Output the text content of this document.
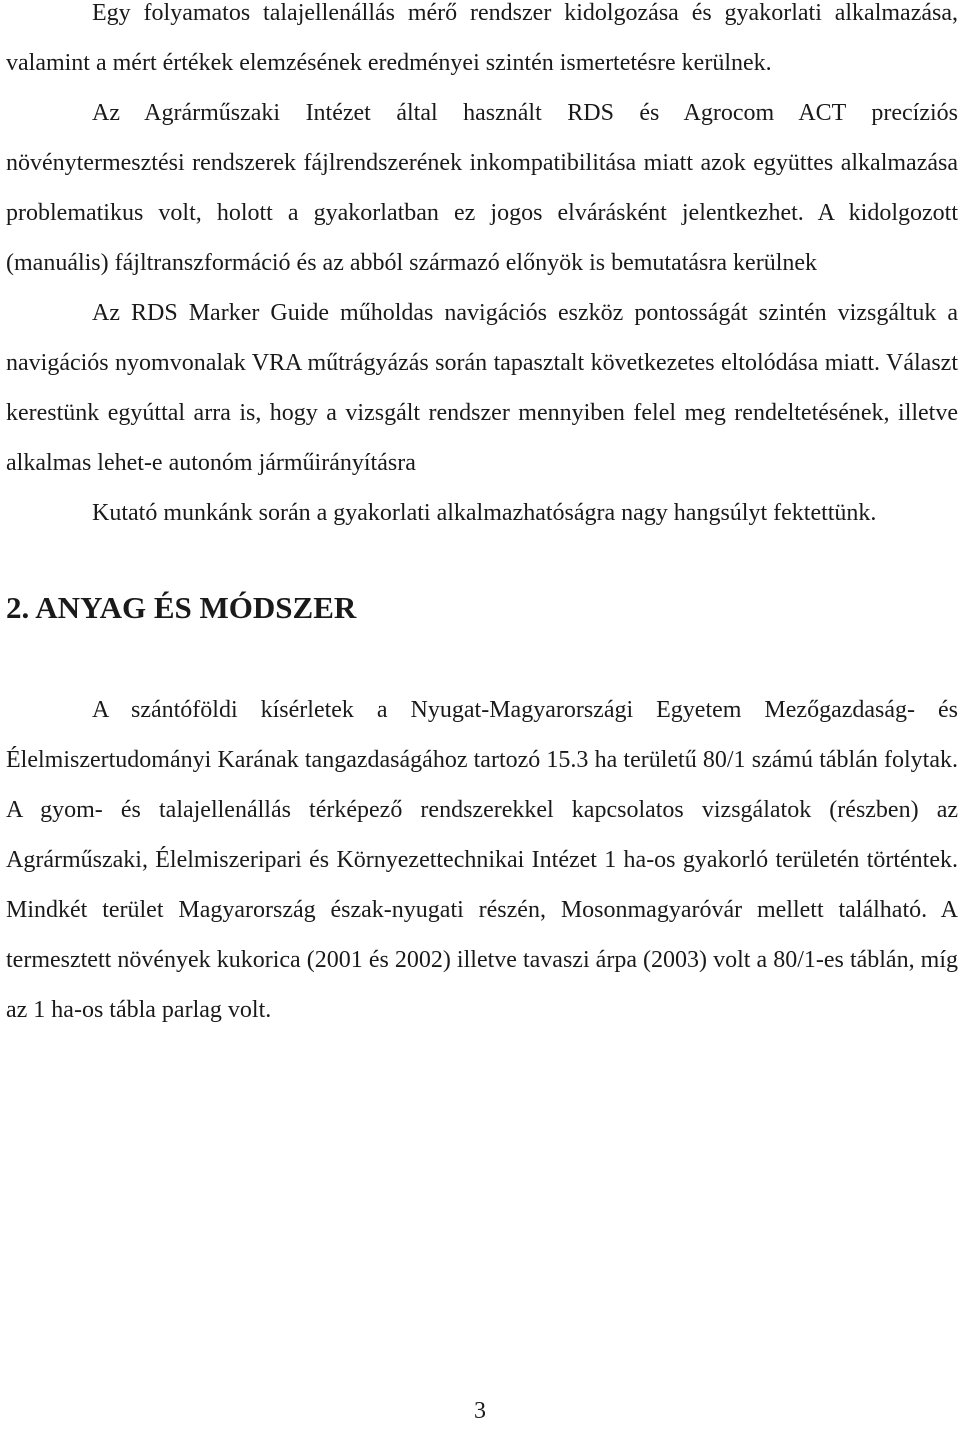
Egy folyamatos talajellenállás mérő rendszer kidolgozása és gyakorlati alkalmazása, valamint a mért értékek elemzésének eredményei szintén ismertetésre kerülnek.

Az Agrárműszaki Intézet által használt RDS és Agrocom ACT precíziós növénytermesztési rendszerek fájlrendszerének inkompatibilitása miatt azok együttes alkalmazása problematikus volt, holott a gyakorlatban ez jogos elvárásként jelentkezhet. A kidolgozott (manuális) fájltranszformáció és az abból származó előnyök is bemutatásra kerülnek

Az RDS Marker Guide műholdas navigációs eszköz pontosságát szintén vizsgáltuk a navigációs nyomvonalak VRA műtrágyázás során tapasztalt következetes eltolódása miatt. Választ kerestünk egyúttal arra is, hogy a vizsgált rendszer mennyiben felel meg rendeltetésének, illetve alkalmas lehet-e autonóm járműirányításra

Kutató munkánk során a gyakorlati alkalmazhatóságra nagy hangsúlyt fektettünk.

2. ANYAG ÉS MÓDSZER

A szántóföldi kísérletek a Nyugat-Magyarországi Egyetem Mezőgazdaság- és Élelmiszertudományi Karának tangazdaságához tartozó 15.3 ha területű 80/1 számú táblán folytak. A gyom- és talajellenállás térképező rendszerekkel kapcsolatos vizsgálatok (részben) az Agrárműszaki, Élelmiszeripari és Környezettechnikai Intézet 1 ha-os gyakorló területén történtek. Mindkét terület Magyarország észak-nyugati részén, Mosonmagyaróvár mellett található. A termesztett növények kukorica (2001 és 2002) illetve tavaszi árpa (2003) volt a 80/1-es táblán, míg az 1 ha-os tábla parlag volt.

3
